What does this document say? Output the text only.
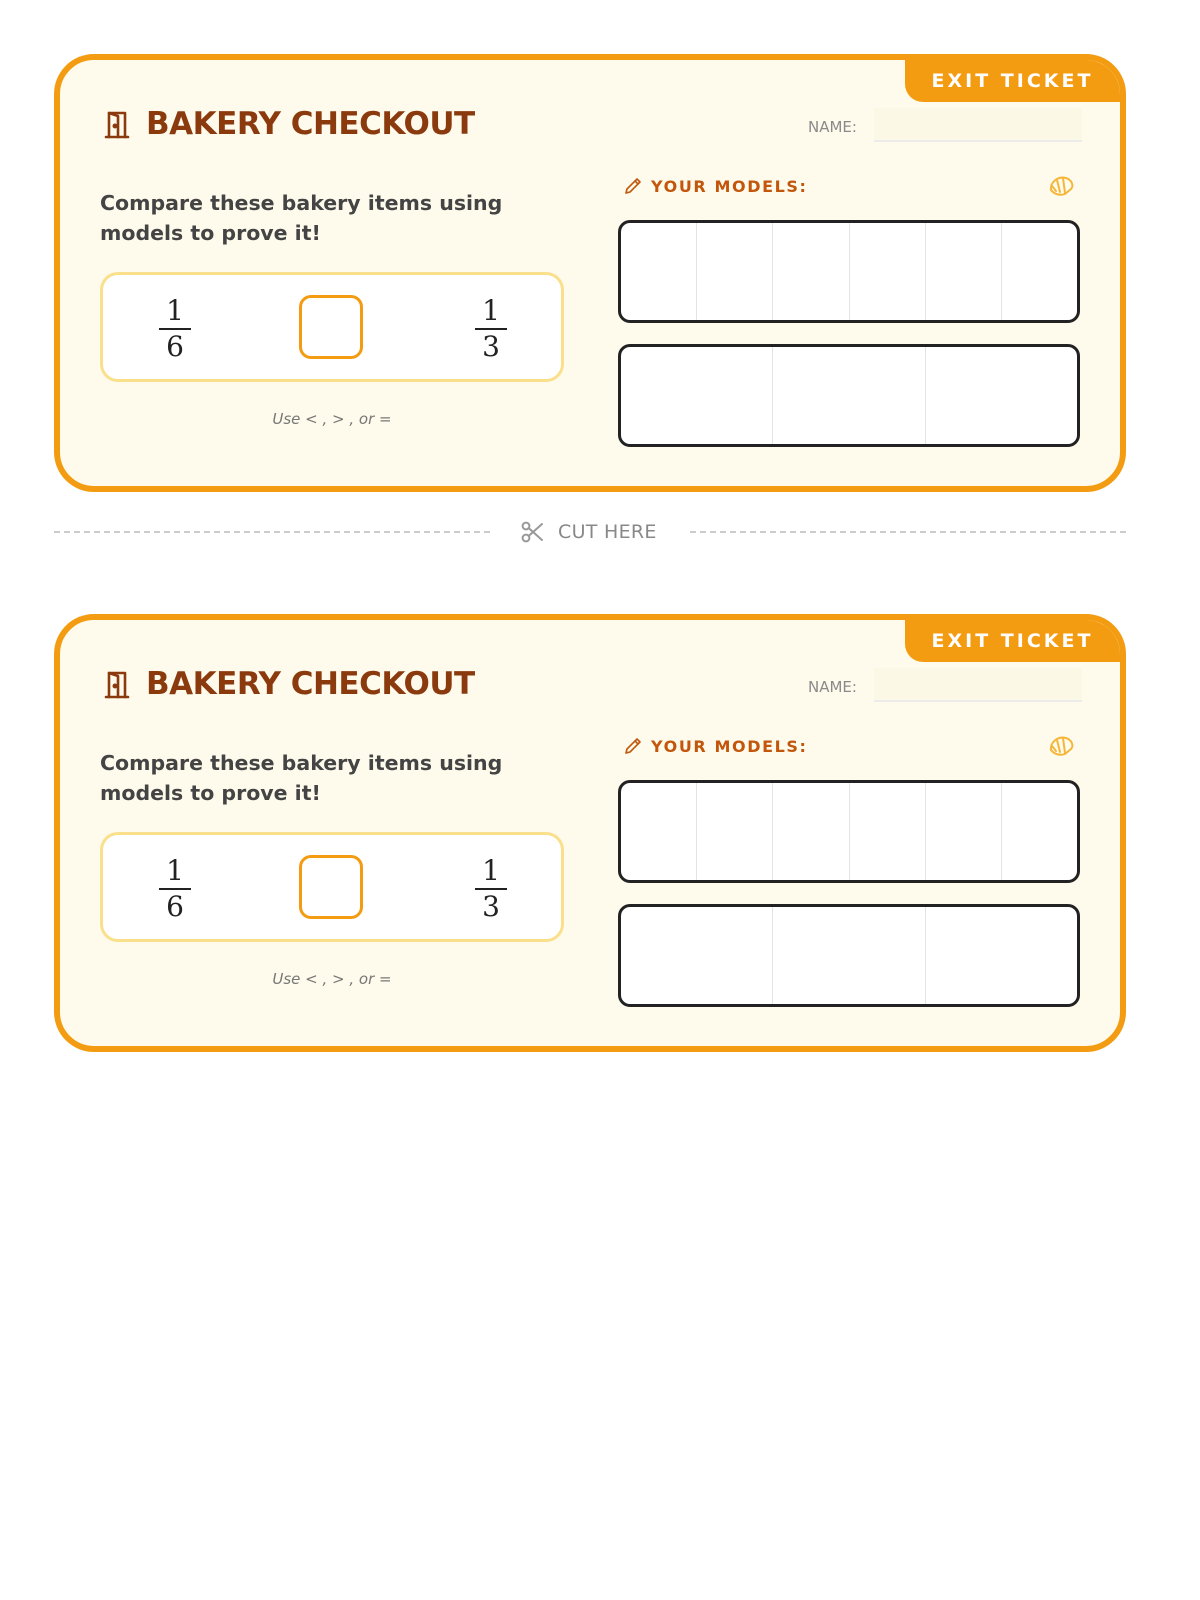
EXIT TICKET
BAKERY CHECKOUT	NAME:
Compare these bakery items using models to prove it!
1
6
1
3
Use < , > , or =
YOUR MODELS:
CUT HERE
EXIT TICKET
BAKERY CHECKOUT	NAME:
Compare these bakery items using models to prove it!
1
6
1
3
Use < , > , or =
YOUR MODELS:
